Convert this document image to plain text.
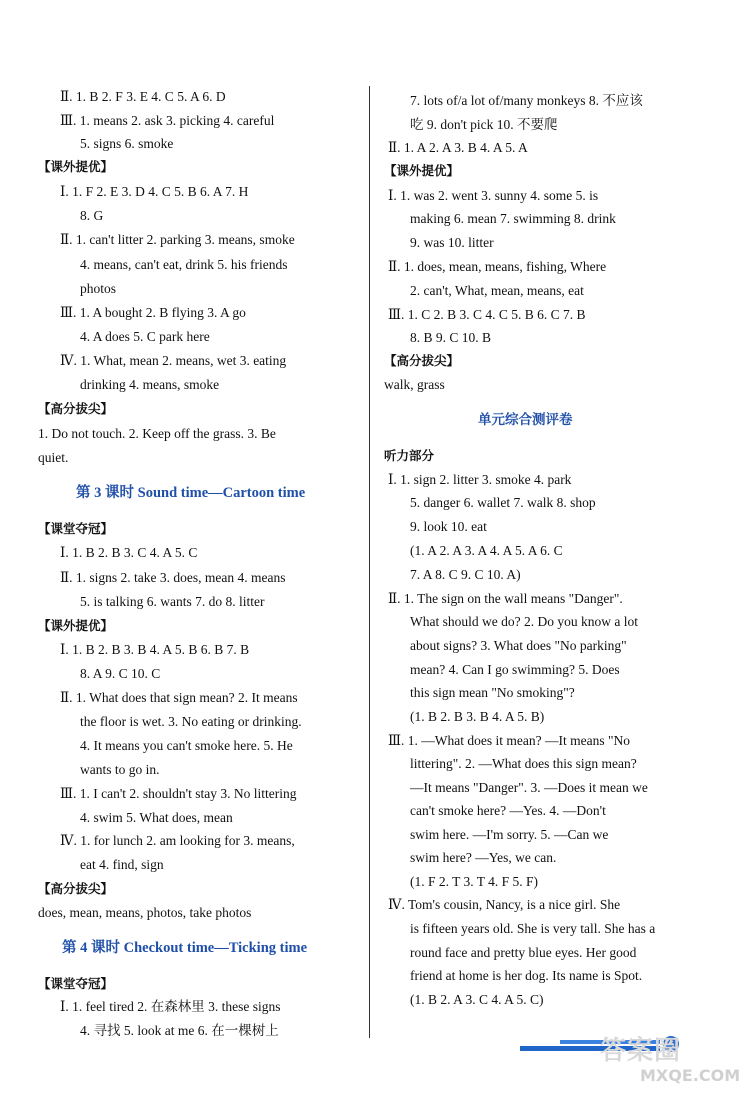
Ⅱ. 1. B 2. F 3. E 4. C 5. A 6. D
Ⅲ. 1. means 2. ask 3. picking 4. careful
5. signs 6. smoke
【课外提优】
Ⅰ. 1. F 2. E 3. D 4. C 5. B 6. A 7. H
8. G
Ⅱ. 1. can't litter 2. parking 3. means, smoke
4. means, can't eat, drink 5. his friends
photos
Ⅲ. 1. A bought 2. B flying 3. A go
4. A does 5. C park here
Ⅳ. 1. What, mean 2. means, wet 3. eating
drinking 4. means, smoke
【高分拔尖】
1. Do not touch. 2. Keep off the grass. 3. Be
quiet.
第 3 课时 Sound time—Cartoon time
【课堂夺冠】
Ⅰ. 1. B 2. B 3. C 4. A 5. C
Ⅱ. 1. signs 2. take 3. does, mean 4. means
5. is talking 6. wants 7. do 8. litter
【课外提优】
Ⅰ. 1. B 2. B 3. B 4. A 5. B 6. B 7. B
8. A 9. C 10. C
Ⅱ. 1. What does that sign mean? 2. It means
the floor is wet. 3. No eating or drinking.
4. It means you can't smoke here. 5. He
wants to go in.
Ⅲ. 1. I can't 2. shouldn't stay 3. No littering
4. swim 5. What does, mean
Ⅳ. 1. for lunch 2. am looking for 3. means,
eat 4. find, sign
【高分拔尖】
does, mean, means, photos, take photos
第 4 课时 Checkout time—Ticking time
【课堂夺冠】
Ⅰ. 1. feel tired 2. 在森林里 3. these signs
4. 寻找 5. look at me 6. 在一棵树上
7. lots of/a lot of/many monkeys 8. 不应该
吃 9. don't pick 10. 不要爬
Ⅱ. 1. A 2. A 3. B 4. A 5. A
【课外提优】
Ⅰ. 1. was 2. went 3. sunny 4. some 5. is
making 6. mean 7. swimming 8. drink
9. was 10. litter
Ⅱ. 1. does, mean, means, fishing, Where
2. can't, What, mean, means, eat
Ⅲ. 1. C 2. B 3. C 4. C 5. B 6. C 7. B
8. B 9. C 10. B
【高分拔尖】
walk, grass
单元综合测评卷
听力部分
Ⅰ. 1. sign 2. litter 3. smoke 4. park
5. danger 6. wallet 7. walk 8. shop
9. look 10. eat
(1. A 2. A 3. A 4. A 5. A 6. C
7. A 8. C 9. C 10. A)
Ⅱ. 1. The sign on the wall means "Danger".
What should we do? 2. Do you know a lot
about signs? 3. What does "No parking"
mean? 4. Can I go swimming? 5. Does
this sign mean "No smoking"?
(1. B 2. B 3. B 4. A 5. B)
Ⅲ. 1. —What does it mean? —It means "No
littering". 2. —What does this sign mean?
—It means "Danger". 3. —Does it mean we
can't smoke here? —Yes. 4. —Don't
swim here. —I'm sorry. 5. —Can we
swim here? —Yes, we can.
(1. F 2. T 3. T 4. F 5. F)
Ⅳ. Tom's cousin, Nancy, is a nice girl. She
is fifteen years old. She is very tall. She has a
round face and pretty blue eyes. Her good
friend at home is her dog. Its name is Spot.
(1. B 2. A 3. C 4. A 5. C)
答案圈
MXQE.COM
